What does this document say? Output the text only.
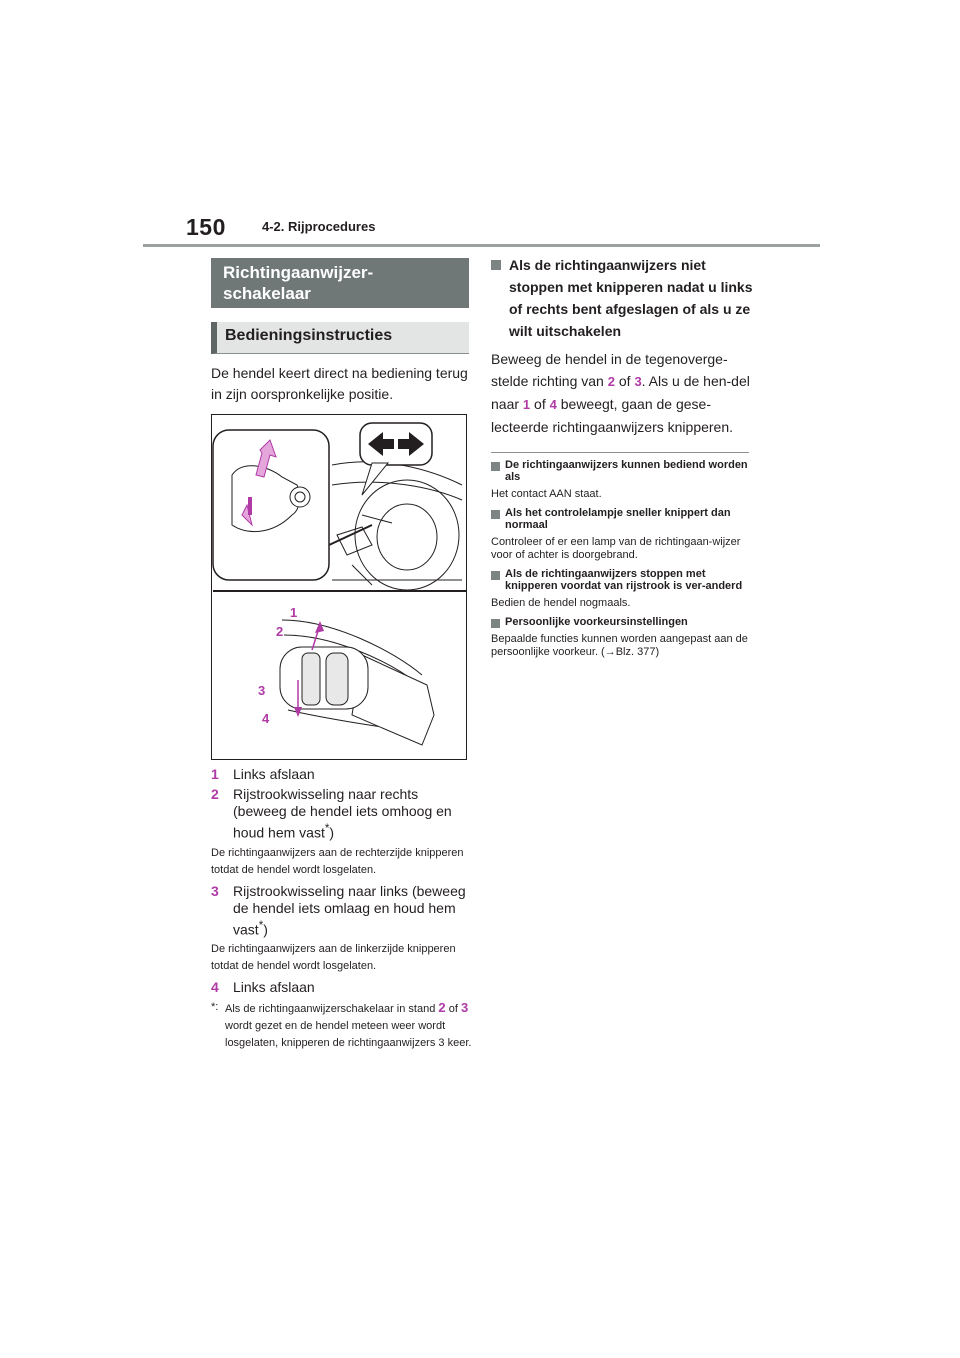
150	4-2. Rijprocedures
Richtingaanwijzer-
schakelaar
Bedieningsinstructies
De hendel keert direct na bediening terug in zijn oorspronkelijke positie.
1
2
3
4
1 Links afslaan
2 Rijstrookwisseling naar rechts (beweeg de hendel iets omhoog en houd hem vast*)
De richtingaanwijzers aan de rechterzijde knipperen totdat de hendel wordt losgelaten.
3 Rijstrookwisseling naar links (beweeg de hendel iets omlaag en houd hem vast*)
De richtingaanwijzers aan de linkerzijde knipperen totdat de hendel wordt losgelaten.
4 Links afslaan
*: Als de richtingaanwijzerschakelaar in stand 2 of 3 wordt gezet en de hendel meteen weer wordt losgelaten, knipperen de richtingaanwijzers 3 keer.
Als de richtingaanwijzers niet stoppen met knipperen nadat u links of rechts bent afgeslagen of als u ze wilt uitschakelen
Beweeg de hendel in de tegenoverge-stelde richting van 2 of 3. Als u de hen-del naar 1 of 4 beweegt, gaan de gese-lecteerde richtingaanwijzers knipperen.
De richtingaanwijzers kunnen bediend worden als
Het contact AAN staat.
Als het controlelampje sneller knippert dan normaal
Controleer of er een lamp van de richtingaan-wijzer voor of achter is doorgebrand.
Als de richtingaanwijzers stoppen met knipperen voordat van rijstrook is ver-anderd
Bedien de hendel nogmaals.
Persoonlijke voorkeursinstellingen
Bepaalde functies kunnen worden aangepast aan de persoonlijke voorkeur. (→Blz. 377)
